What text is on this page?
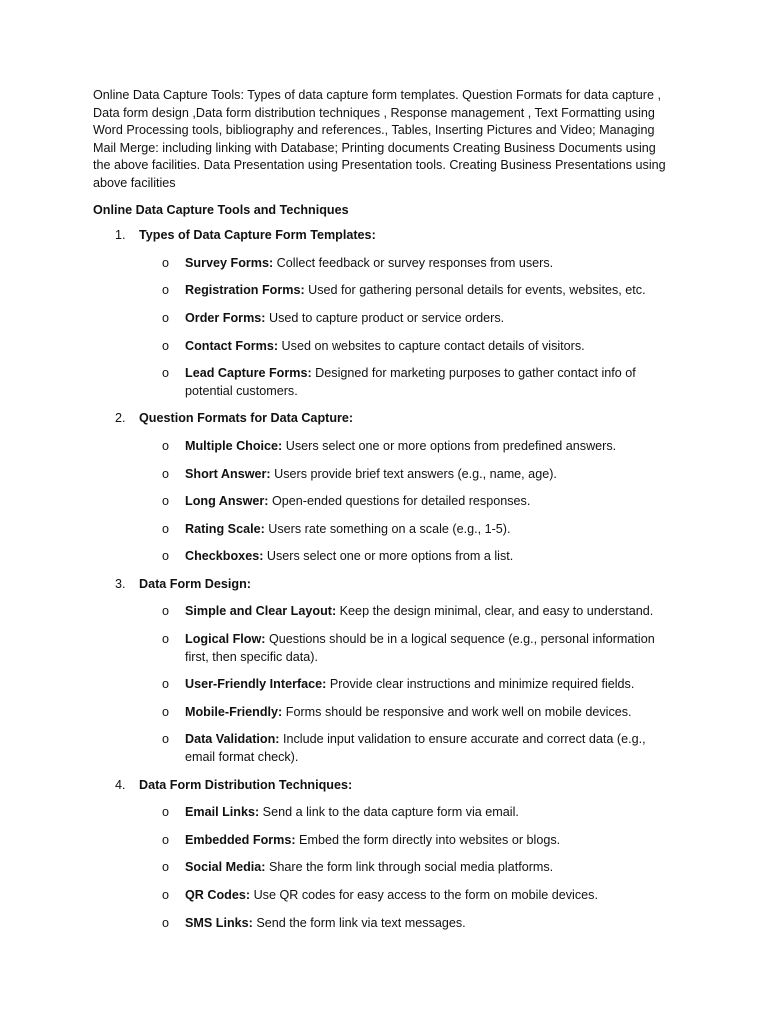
Online Data Capture Tools: Types of data capture form templates. Question Formats for data capture , Data form design ,Data form distribution techniques , Response management , Text Formatting using Word Processing tools, bibliography and references., Tables, Inserting Pictures and Video; Managing Mail Merge: including linking with Database; Printing documents Creating Business Documents using the above facilities. Data Presentation using Presentation tools. Creating Business Presentations using above facilities

Online Data Capture Tools and Techniques

1. Types of Data Capture Form Templates:
o Survey Forms: Collect feedback or survey responses from users.
o Registration Forms: Used for gathering personal details for events, websites, etc.
o Order Forms: Used to capture product or service orders.
o Contact Forms: Used on websites to capture contact details of visitors.
o Lead Capture Forms: Designed for marketing purposes to gather contact info of potential customers.
2. Question Formats for Data Capture:
o Multiple Choice: Users select one or more options from predefined answers.
o Short Answer: Users provide brief text answers (e.g., name, age).
o Long Answer: Open-ended questions for detailed responses.
o Rating Scale: Users rate something on a scale (e.g., 1-5).
o Checkboxes: Users select one or more options from a list.
3. Data Form Design:
o Simple and Clear Layout: Keep the design minimal, clear, and easy to understand.
o Logical Flow: Questions should be in a logical sequence (e.g., personal information first, then specific data).
o User-Friendly Interface: Provide clear instructions and minimize required fields.
o Mobile-Friendly: Forms should be responsive and work well on mobile devices.
o Data Validation: Include input validation to ensure accurate and correct data (e.g., email format check).
4. Data Form Distribution Techniques:
o Email Links: Send a link to the data capture form via email.
o Embedded Forms: Embed the form directly into websites or blogs.
o Social Media: Share the form link through social media platforms.
o QR Codes: Use QR codes for easy access to the form on mobile devices.
o SMS Links: Send the form link via text messages.
